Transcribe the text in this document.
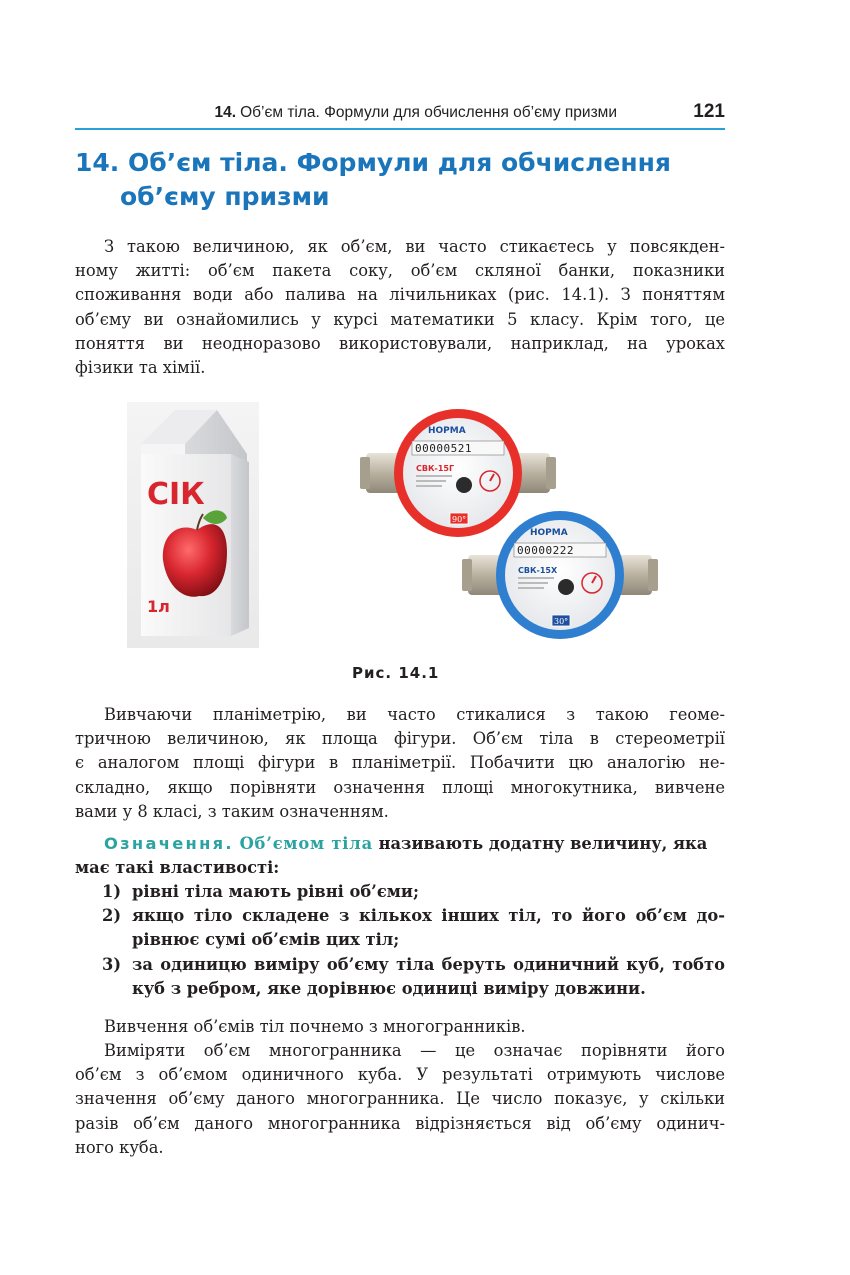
14. Об’єм тіла. Формули для обчислення об’єму призми	121
14. Об’єм тіла. Формули для обчислення
об’єму призми
З такою величиною, як об’єм, ви часто стикаєтесь у повсякден-
ному житті: об’єм пакета соку, об’єм скляної банки, показники
споживання води або палива на лічильниках (рис. 14.1). З поняттям
об’єму ви ознайомились у курсі математики 5 класу. Крім того, це
поняття ви неодноразово використовували, наприклад, на уроках
фізики та хімії.
СІК
1л
НОРМА
00000521
СВК-15Г
90°
НОРМА
00000222
СВК-15Х
30°
Рис. 14.1
Вивчаючи планіметрію, ви часто стикалися з такою геоме-
тричною величиною, як площа фігури. Об’єм тіла в стереометрії
є аналогом площі фігури в планіметрії. Побачити цю аналогію не-
складно, якщо порівняти означення площі многокутника, вивчене
вами у 8 класі, з таким означенням.
Означення. Об’ємом тіла називають додатну величину, яка
має такі властивості:
1) рівні тіла мають рівні об’єми;
2) якщо тіло складене з кількох інших тіл, то його об’єм до-
рівнює сумі об’ємів цих тіл;
3) за одиницю виміру об’єму тіла беруть одиничний куб, тобто
куб з ребром, яке дорівнює одиниці виміру довжини.
Вивчення об’ємів тіл почнемо з многогранників.
Виміряти об’єм многогранника — це означає порівняти його
об’єм з об’ємом одиничного куба. У результаті отримують числове
значення об’єму даного многогранника. Це число показує, у скільки
разів об’єм даного многогранника відрізняється від об’єму одинич-
ного куба.
